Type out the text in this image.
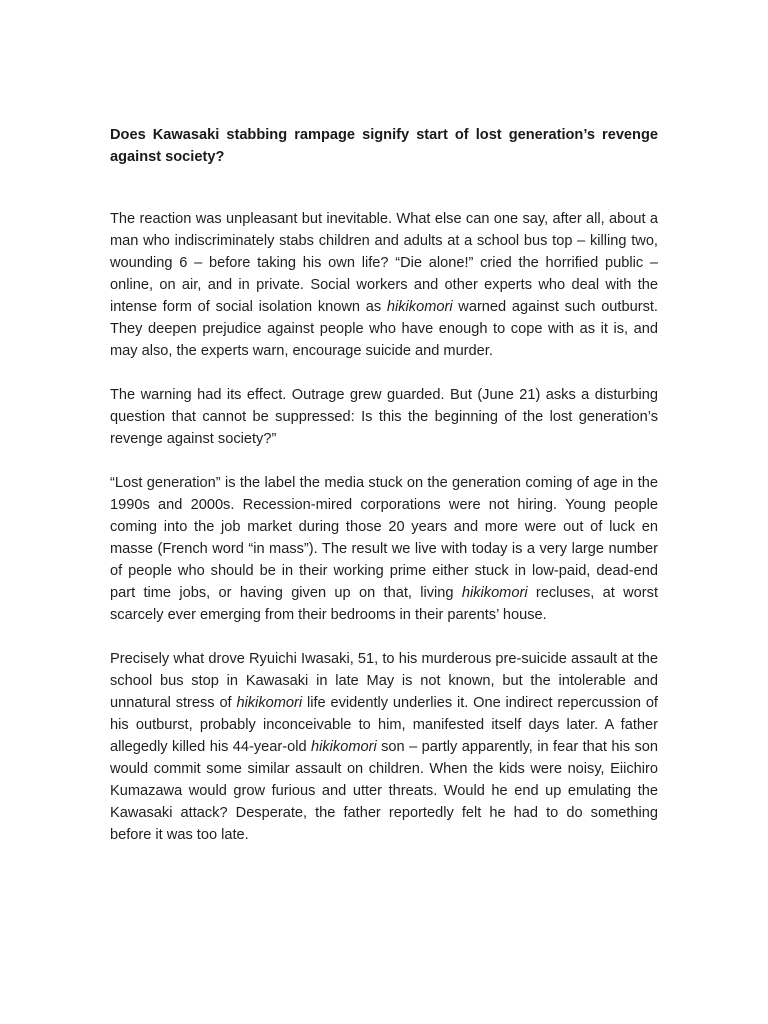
Does Kawasaki stabbing rampage signify start of lost generation’s revenge against society?

The reaction was unpleasant but inevitable. What else can one say, after all, about a man who indiscriminately stabs children and adults at a school bus top – killing two, wounding 6 – before taking his own life? “Die alone!” cried the horrified public – online, on air, and in private. Social workers and other experts who deal with the intense form of social isolation known as hikikomori warned against such outburst. They deepen prejudice against people who have enough to cope with as it is, and may also, the experts warn, encourage suicide and murder.

The warning had its effect. Outrage grew guarded. But (June 21) asks a disturbing question that cannot be suppressed: Is this the beginning of the lost generation’s revenge against society?”

“Lost generation” is the label the media stuck on the generation coming of age in the 1990s and 2000s. Recession-mired corporations were not hiring. Young people coming into the job market during those 20 years and more were out of luck en masse (French word “in mass”). The result we live with today is a very large number of people who should be in their working prime either stuck in low-paid, dead-end part time jobs, or having given up on that, living hikikomori recluses, at worst scarcely ever emerging from their bedrooms in their parents’ house.

Precisely what drove Ryuichi Iwasaki, 51, to his murderous pre-suicide assault at the school bus stop in Kawasaki in late May is not known, but the intolerable and unnatural stress of hikikomori life evidently underlies it. One indirect repercussion of his outburst, probably inconceivable to him, manifested itself days later. A father allegedly killed his 44-year-old hikikomori son – partly apparently, in fear that his son would commit some similar assault on children. When the kids were noisy, Eiichiro Kumazawa would grow furious and utter threats. Would he end up emulating the Kawasaki attack? Desperate, the father reportedly felt he had to do something before it was too late.
